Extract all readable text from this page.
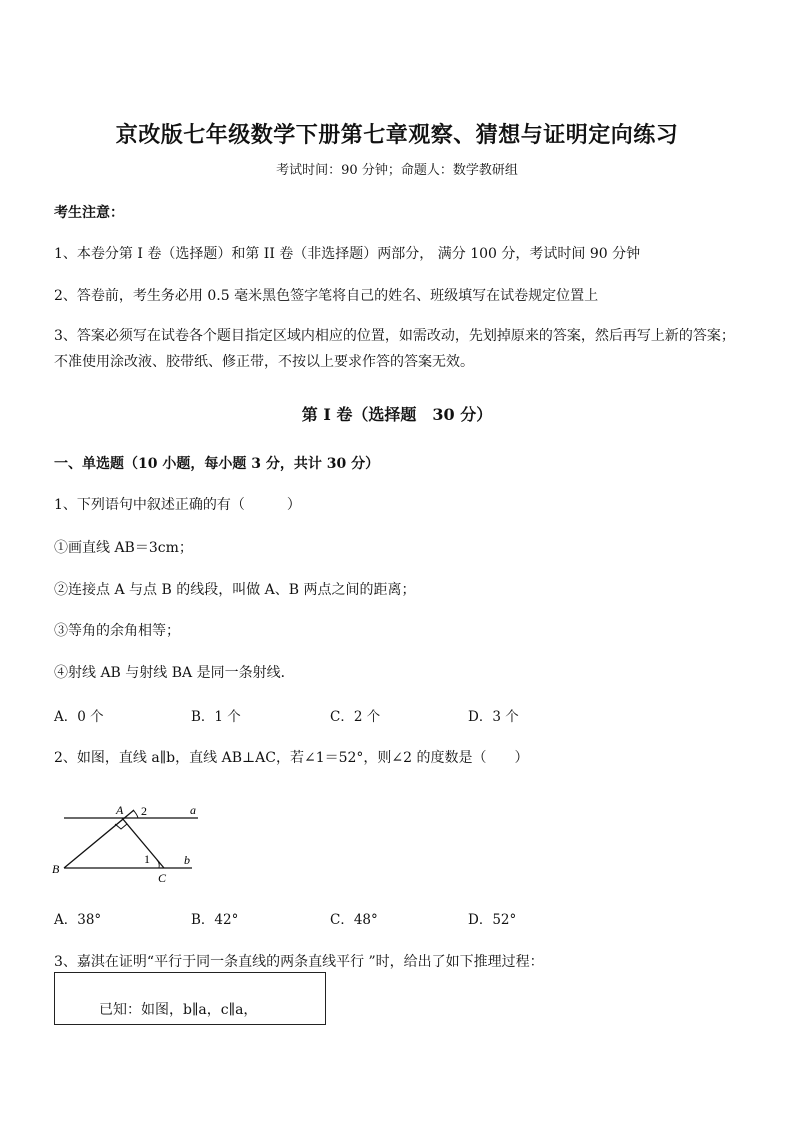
京改版七年级数学下册第七章观察、猜想与证明定向练习
考试时间：90 分钟；命题人：数学教研组
考生注意：
1、本卷分第 I 卷（选择题）和第 II 卷（非选择题）两部分， 满分 100 分，考试时间 90 分钟
2、答卷前，考生务必用 0.5 毫米黑色签字笔将自己的姓名、班级填写在试卷规定位置上
3、答案必须写在试卷各个题目指定区域内相应的位置，如需改动，先划掉原来的答案，然后再写上新的答案；不准使用涂改液、胶带纸、修正带，不按以上要求作答的答案无效。
第 I 卷（选择题　30 分）
一、单选题（10 小题，每小题 3 分，共计 30 分）
1、下列语句中叙述正确的有（　　　）
①画直线 AB＝3cm；
②连接点 A 与点 B 的线段，叫做 A、B 两点之间的距离；
③等角的余角相等；
④射线 AB 与射线 BA 是同一条射线．
A．0 个	B．1 个	C．2 个	D．3 个
2、如图，直线 a∥b，直线 AB⊥AC，若∠1＝52°，则∠2 的度数是（　　）
A 2	a
B
1	b
C
A．38°	B．42°	C．48°	D．52°
3、嘉淇在证明“平行于同一条直线的两条直线平行 ”时，给出了如下推理过程：
已知：如图，b∥a，c∥a，
